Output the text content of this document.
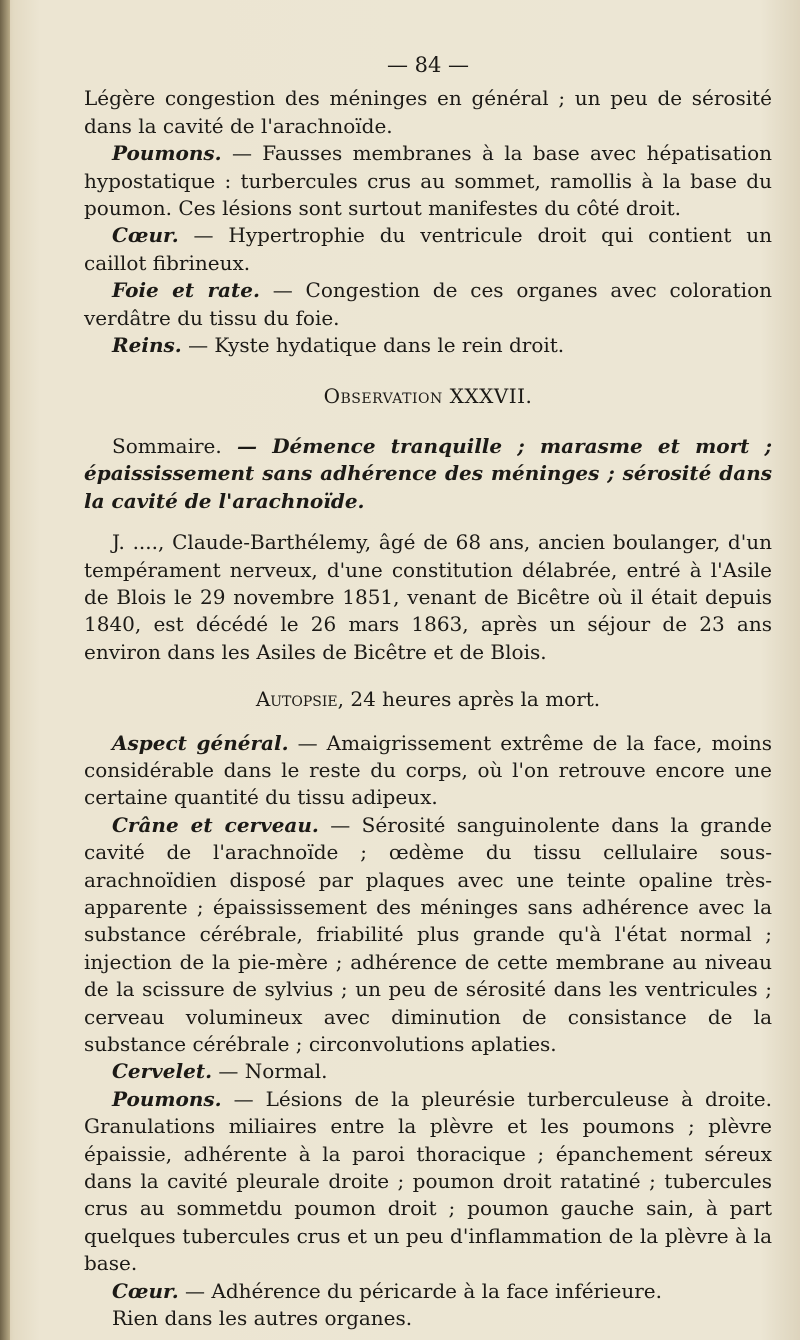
— 84 —

Légère congestion des méninges en général ; un peu de sérosité dans la cavité de l'arachnoïde.

Poumons. — Fausses membranes à la base avec hépatisation hypostatique : turbercules crus au sommet, ramollis à la base du poumon. Ces lésions sont surtout manifestes du côté droit.

Cœur. — Hypertrophie du ventricule droit qui contient un caillot fibrineux.

Foie et rate. — Congestion de ces organes avec coloration verdâtre du tissu du foie.

Reins. — Kyste hydatique dans le rein droit.

Observation XXXVII.

Sommaire. — Démence tranquille ; marasme et mort ; épaississement sans adhérence des méninges ; sérosité dans la cavité de l'arachnoïde.

J. ...., Claude-Barthélemy, âgé de 68 ans, ancien boulanger, d'un tempérament nerveux, d'une constitution délabrée, entré à l'Asile de Blois le 29 novembre 1851, venant de Bicêtre où il était depuis 1840, est décédé le 26 mars 1863, après un séjour de 23 ans environ dans les Asiles de Bicêtre et de Blois.

Autopsie, 24 heures après la mort.

Aspect général. — Amaigrissement extrême de la face, moins considérable dans le reste du corps, où l'on retrouve encore une certaine quantité du tissu adipeux.

Crâne et cerveau. — Sérosité sanguinolente dans la grande cavité de l'arachnoïde ; œdème du tissu cellulaire sous-arachnoïdien disposé par plaques avec une teinte opaline très-apparente ; épaississement des méninges sans adhérence avec la substance cérébrale, friabilité plus grande qu'à l'état normal ; injection de la pie-mère ; adhérence de cette membrane au niveau de la scissure de sylvius ; un peu de sérosité dans les ventricules ; cerveau volumineux avec diminution de consistance de la substance cérébrale ; circonvolutions aplaties.

Cervelet. — Normal.

Poumons. — Lésions de la pleurésie turberculeuse à droite. Granulations miliaires entre la plèvre et les poumons ; plèvre épaissie, adhérente à la paroi thoracique ; épanchement séreux dans la cavité pleurale droite ; poumon droit ratatiné ; tubercules crus au sommetdu poumon droit ; poumon gauche sain, à part quelques tubercules crus et un peu d'inflammation de la plèvre à la base.

Cœur. — Adhérence du péricarde à la face inférieure.

Rien dans les autres organes.
